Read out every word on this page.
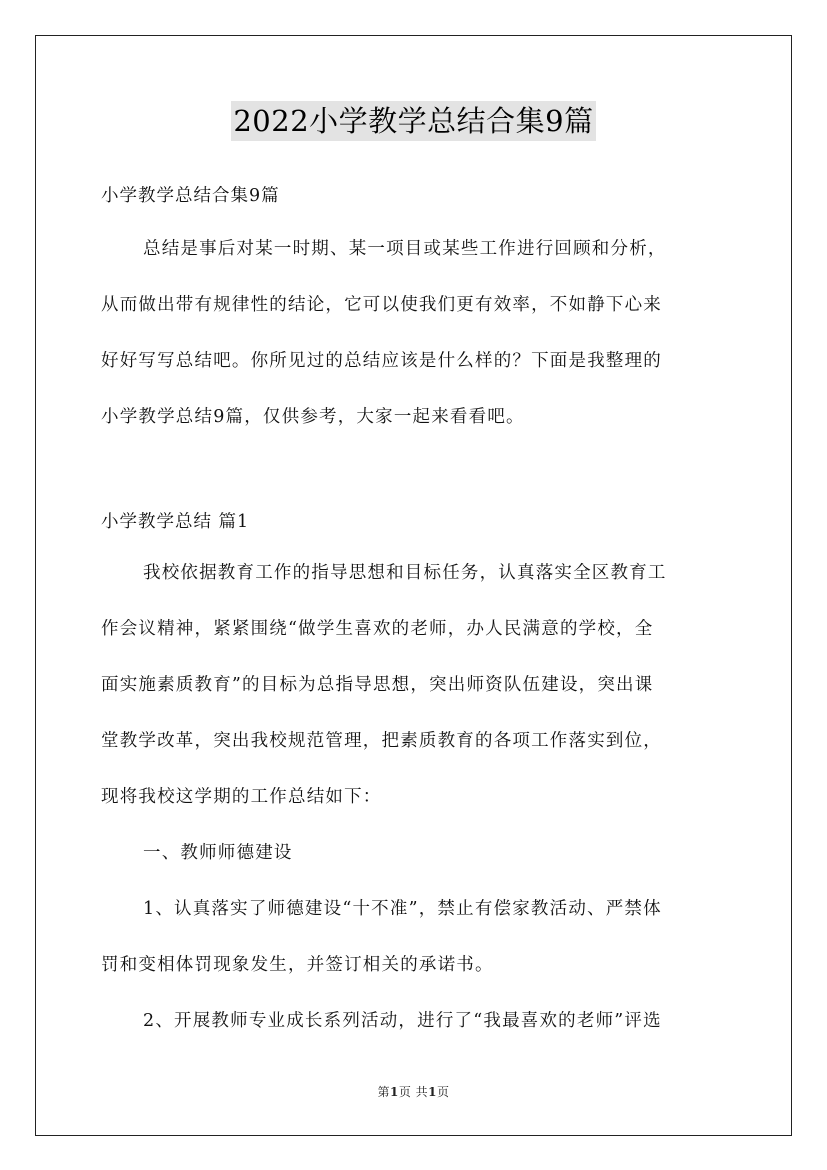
2022小学教学总结合集9篇
小学教学总结合集9篇
总结是事后对某一时期、某一项目或某些工作进行回顾和分析，
从而做出带有规律性的结论，它可以使我们更有效率，不如静下心来
好好写写总结吧。你所见过的总结应该是什么样的？下面是我整理的
小学教学总结9篇，仅供参考，大家一起来看看吧。
小学教学总结 篇1
我校依据教育工作的指导思想和目标任务，认真落实全区教育工
作会议精神，紧紧围绕“做学生喜欢的老师，办人民满意的学校，全
面实施素质教育”的目标为总指导思想，突出师资队伍建设，突出课
堂教学改革，突出我校规范管理，把素质教育的各项工作落实到位，
现将我校这学期的工作总结如下：
一、教师师德建设
1、认真落实了师德建设“十不准”，禁止有偿家教活动、严禁体
罚和变相体罚现象发生，并签订相关的承诺书。
2、开展教师专业成长系列活动，进行了“我最喜欢的老师”评选
第1页 共1页
